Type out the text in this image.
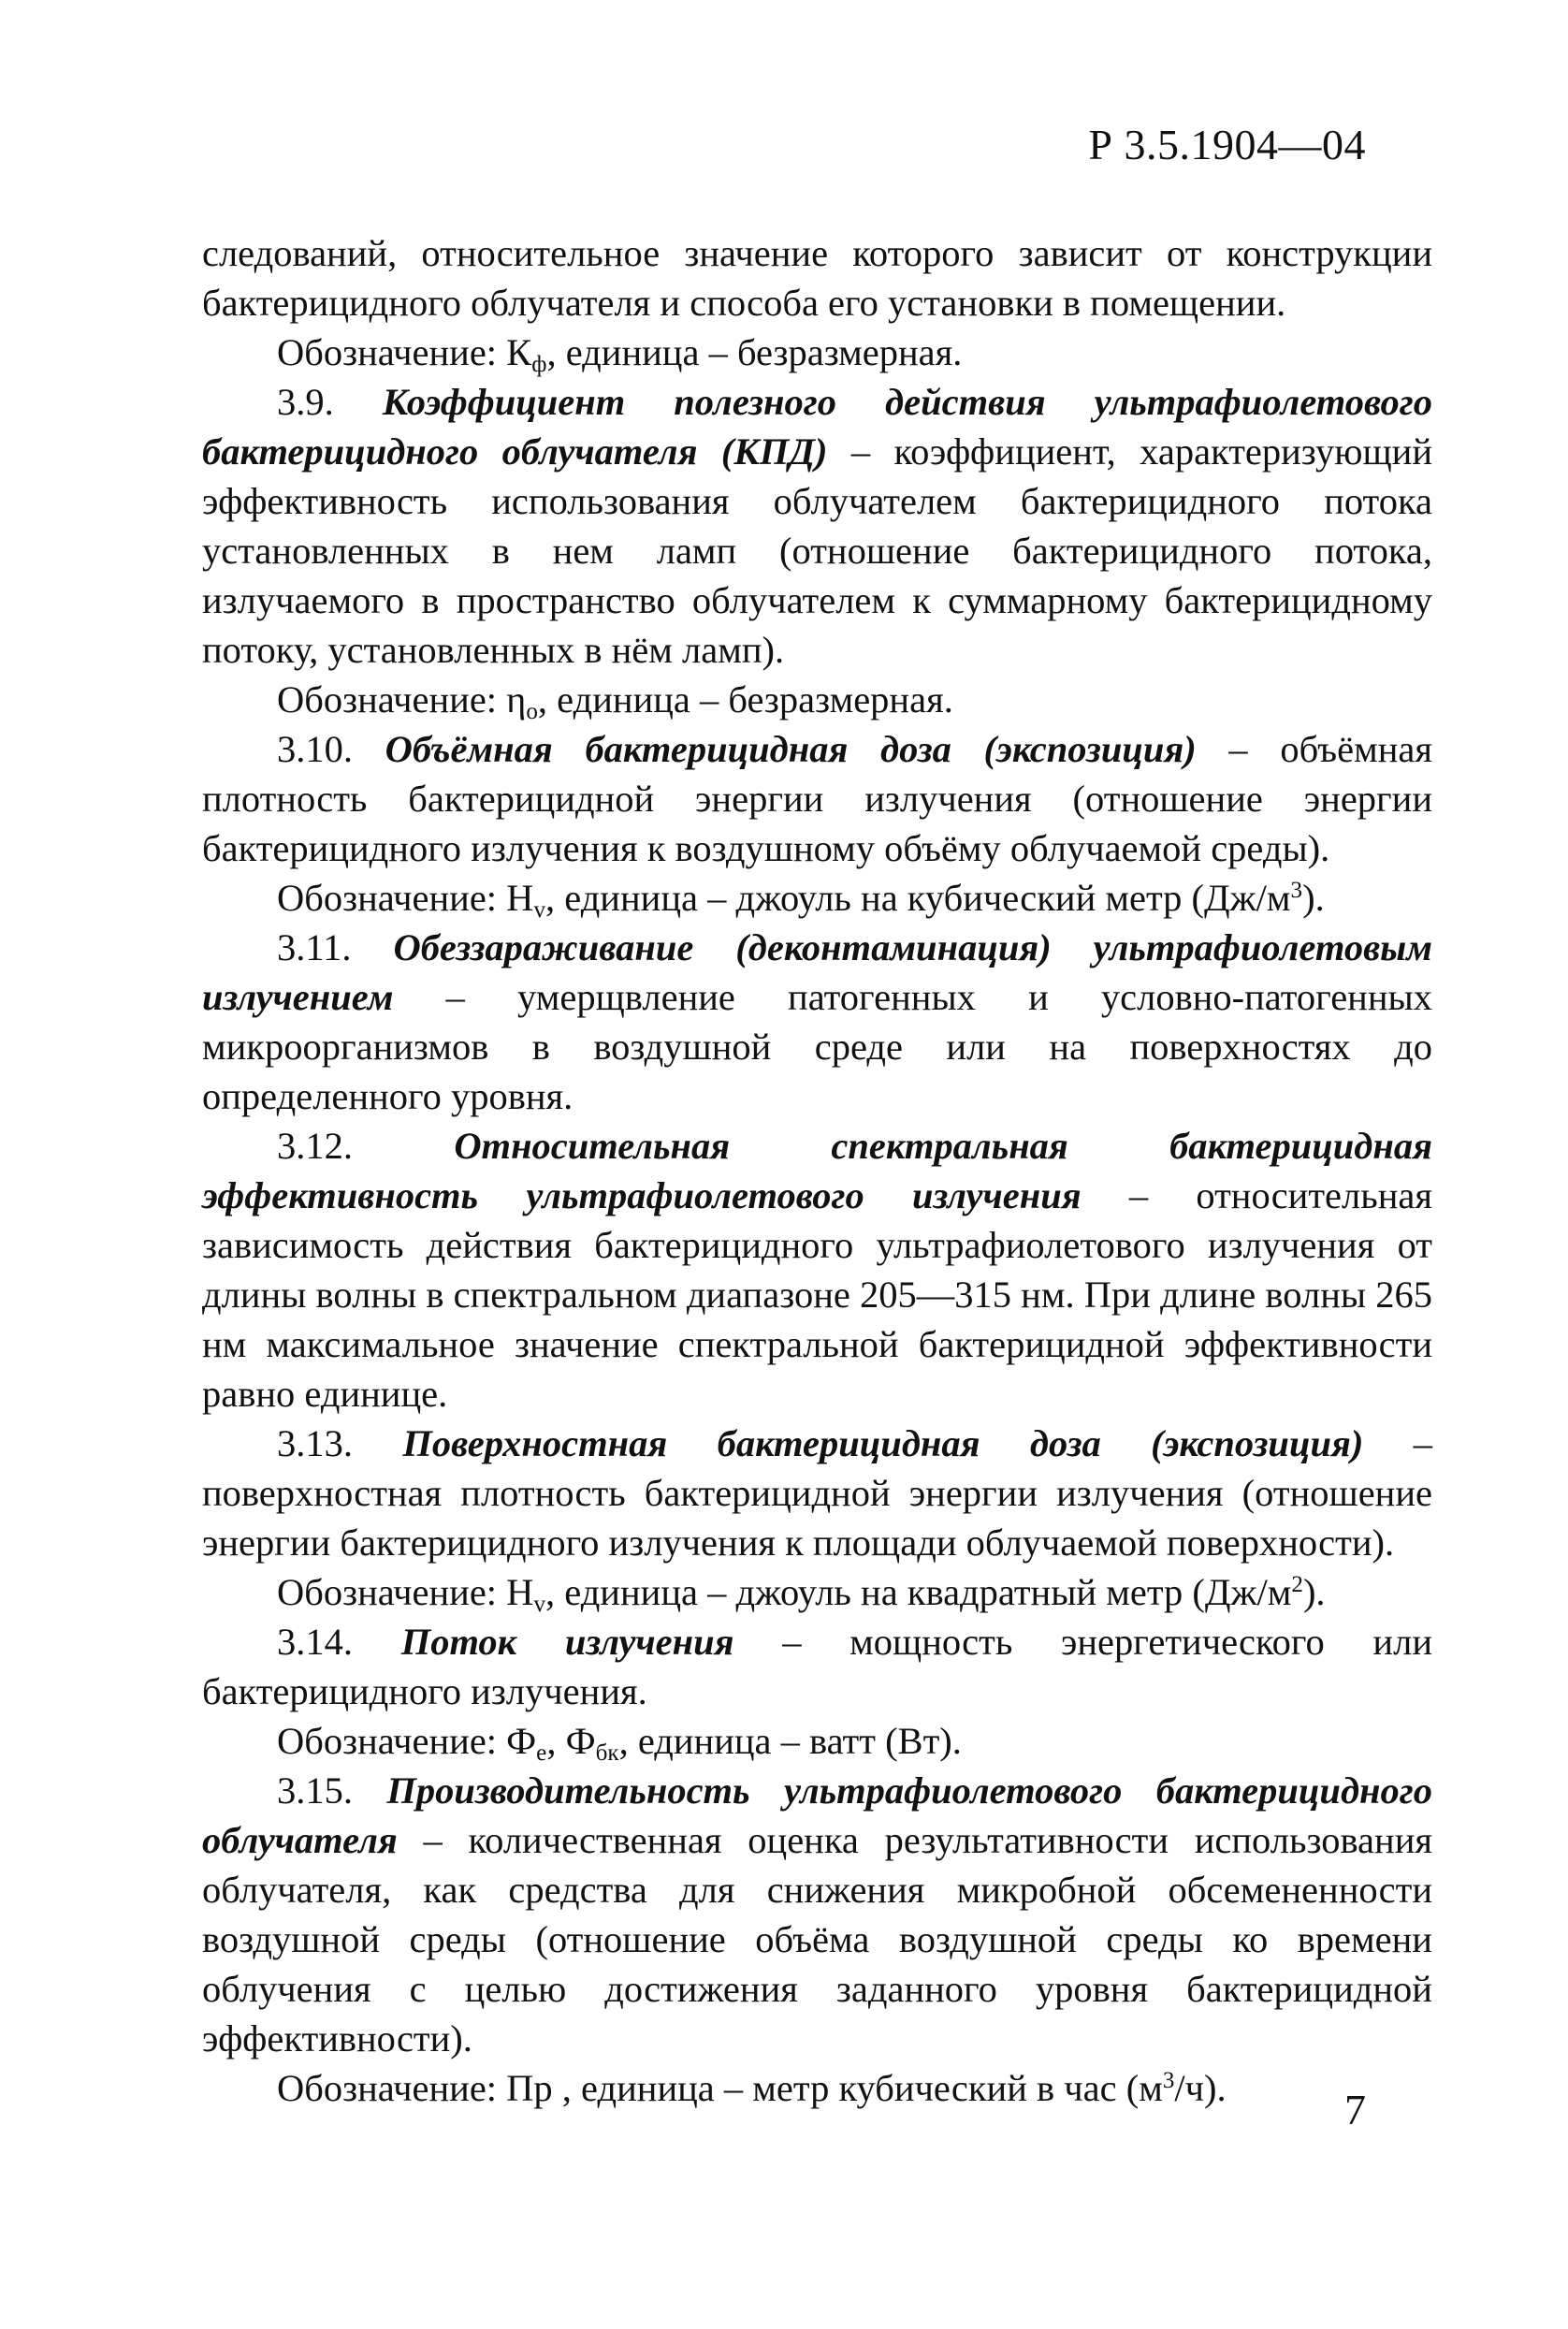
Р 3.5.1904—04

следований, относительное значение которого зависит от конструкции бактерицидного облучателя и способа его установки в помещении.

Обозначение: $К_ф$, единица – безразмерная.

3.9. Коэффициент полезного действия ультрафиолетового бактерицидного облучателя (КПД) – коэффициент, характеризующий эффективность использования облучателем бактерицидного потока установленных в нем ламп (отношение бактерицидного потока, излучаемого в пространство облучателем к суммарному бактерицидному потоку, установленных в нём ламп).

Обозначение: $\eta_о$, единица – безразмерная.

3.10. Объёмная бактерицидная доза (экспозиция) – объёмная плотность бактерицидной энергии излучения (отношение энергии бактерицидного излучения к воздушному объёму облучаемой среды).

Обозначение: $Н_v$, единица – джоуль на кубический метр $(Дж/м^3)$.

3.11. Обеззараживание (деконтаминация) ультрафиолетовым излучением – умерщвление патогенных и условно-патогенных микроорганизмов в воздушной среде или на поверхностях до определенного уровня.

3.12.	Относительная спектральная бактерицидная эффективность ультрафиолетового излучения – относительная зависимость действия бактерицидного ультрафиолетового излучения от длины волны в спектральном диапазоне 205—315 нм. При длине волны 265 нм максимальное значение спектральной бактерицидной эффективности равно единице.

3.13. Поверхностная бактерицидная доза (экспозиция) – поверхностная плотность бактерицидной энергии излучения (отношение энергии бактерицидного излучения к площади облучаемой поверхности).

Обозначение: $Н_v$, единица – джоуль на квадратный метр $(Дж/м^2)$.

3.14. Поток излучения – мощность энергетического или бактерицидного излучения.

Обозначение: $Ф_е$, $Ф_{бк}$, единица – ватт (Вт).

3.15. Производительность ультрафиолетового бактерицидного облучателя – количественная оценка результативности использования облучателя, как средства для снижения микробной обсемененности воздушной среды (отношение объёма воздушной среды ко времени облучения с целью достижения заданного уровня бактерицидной эффективности).

Обозначение: Пр , единица – метр кубический в час $(м^3/ч)$.	7
